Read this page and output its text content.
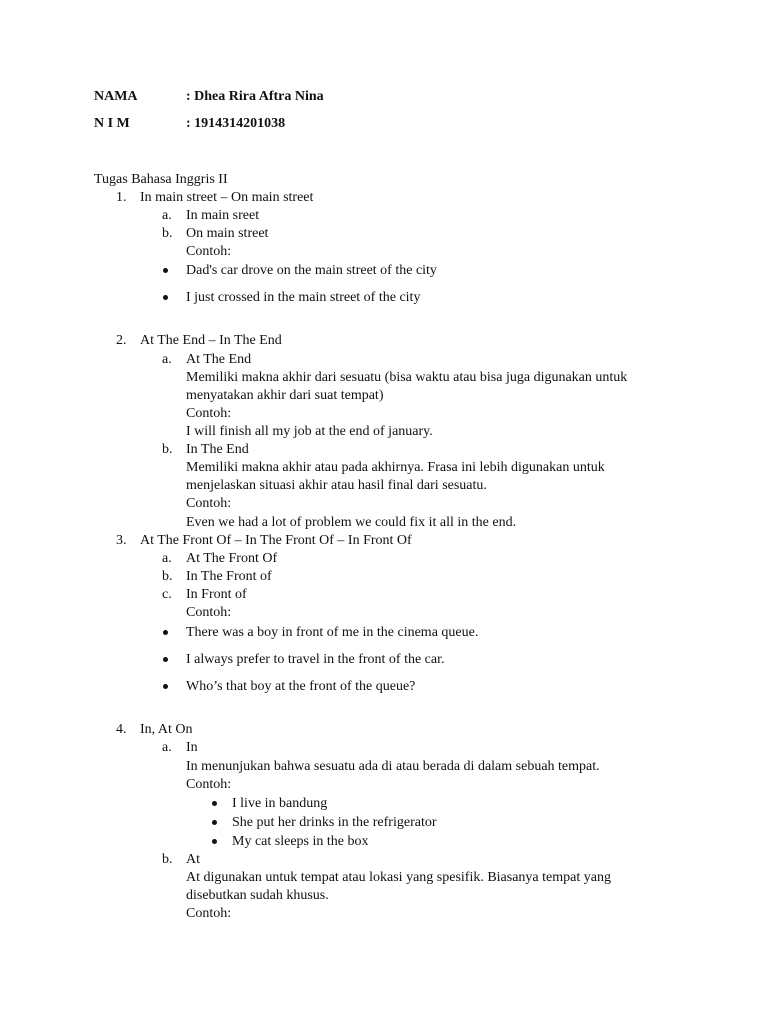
NAMA	: Dhea Rira Aftra Nina
N I M	: 1914314201038
Tugas Bahasa Inggris II
1. In main street – On main street
a. In main sreet
b. On main street
Contoh:
Dad's car drove on the main street of the city
I just crossed in the main street of the city
2. At The End – In The End
a. At The End
Memiliki makna akhir dari sesuatu (bisa waktu atau bisa juga digunakan untuk
menyatakan akhir dari suat tempat)
Contoh:
I will finish all my job at the end of january.
b. In The End
Memiliki makna akhir atau pada akhirnya. Frasa ini lebih digunakan untuk
menjelaskan situasi akhir atau hasil final dari sesuatu.
Contoh:
Even we had a lot of problem we could fix it all in the end.
3. At The Front Of – In The Front Of – In Front Of
a. At The Front Of
b. In The Front of
c. In Front of
Contoh:
There was a boy in front of me in the cinema queue.
I always prefer to travel in the front of the car.
Who’s that boy at the front of the queue?
4. In, At On
a. In
In menunjukan bahwa sesuatu ada di atau berada di dalam sebuah tempat.
Contoh:
I live in bandung
She put her drinks in the refrigerator
My cat sleeps in the box
b. At
At digunakan untuk tempat atau lokasi yang spesifik. Biasanya tempat yang
disebutkan sudah khusus.
Contoh:
